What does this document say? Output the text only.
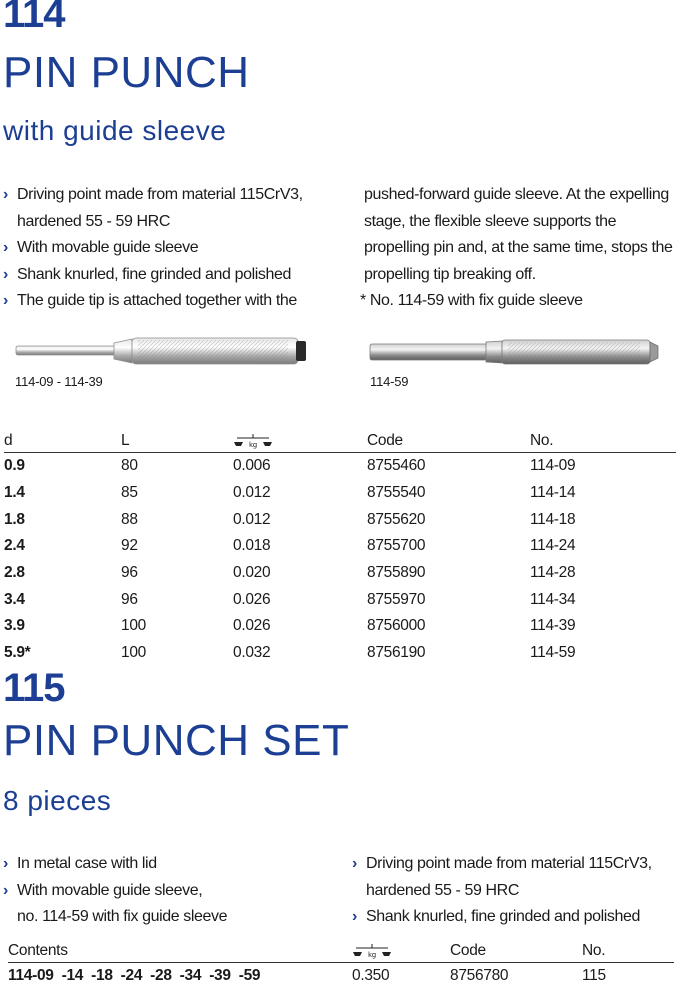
114
PIN PUNCH
with guide sleeve
› Driving point made from material 115CrV3,
hardened 55 - 59 HRC
› With movable guide sleeve
› Shank knurled, fine grinded and polished
› The guide tip is attached together with the
pushed-forward guide sleeve. At the expelling
stage, the flexible sleeve supports the
propelling pin and, at the same time, stops the
propelling tip breaking off.
* No. 114-59 with fix guide sleeve
114-09 - 114-39	114-59
d	L	kg	Code	No.
0.9	80	0.006	8755460	114-09
1.4	85	0.012	8755540	114-14
1.8	88	0.012	8755620	114-18
2.4	92	0.018	8755700	114-24
2.8	96	0.020	8755890	114-28
3.4	96	0.026	8755970	114-34
3.9	100	0.026	8756000	114-39
5.9*	100	0.032	8756190	114-59
115
PIN PUNCH SET
8 pieces
› In metal case with lid
› With movable guide sleeve,
no. 114-59 with fix guide sleeve
› Driving point made from material 115CrV3,
hardened 55 - 59 HRC
› Shank knurled, fine grinded and polished
Contents	kg	Code	No.
114-09  -14  -18  -24  -28  -34  -39  -59	0.350	8756780	115
